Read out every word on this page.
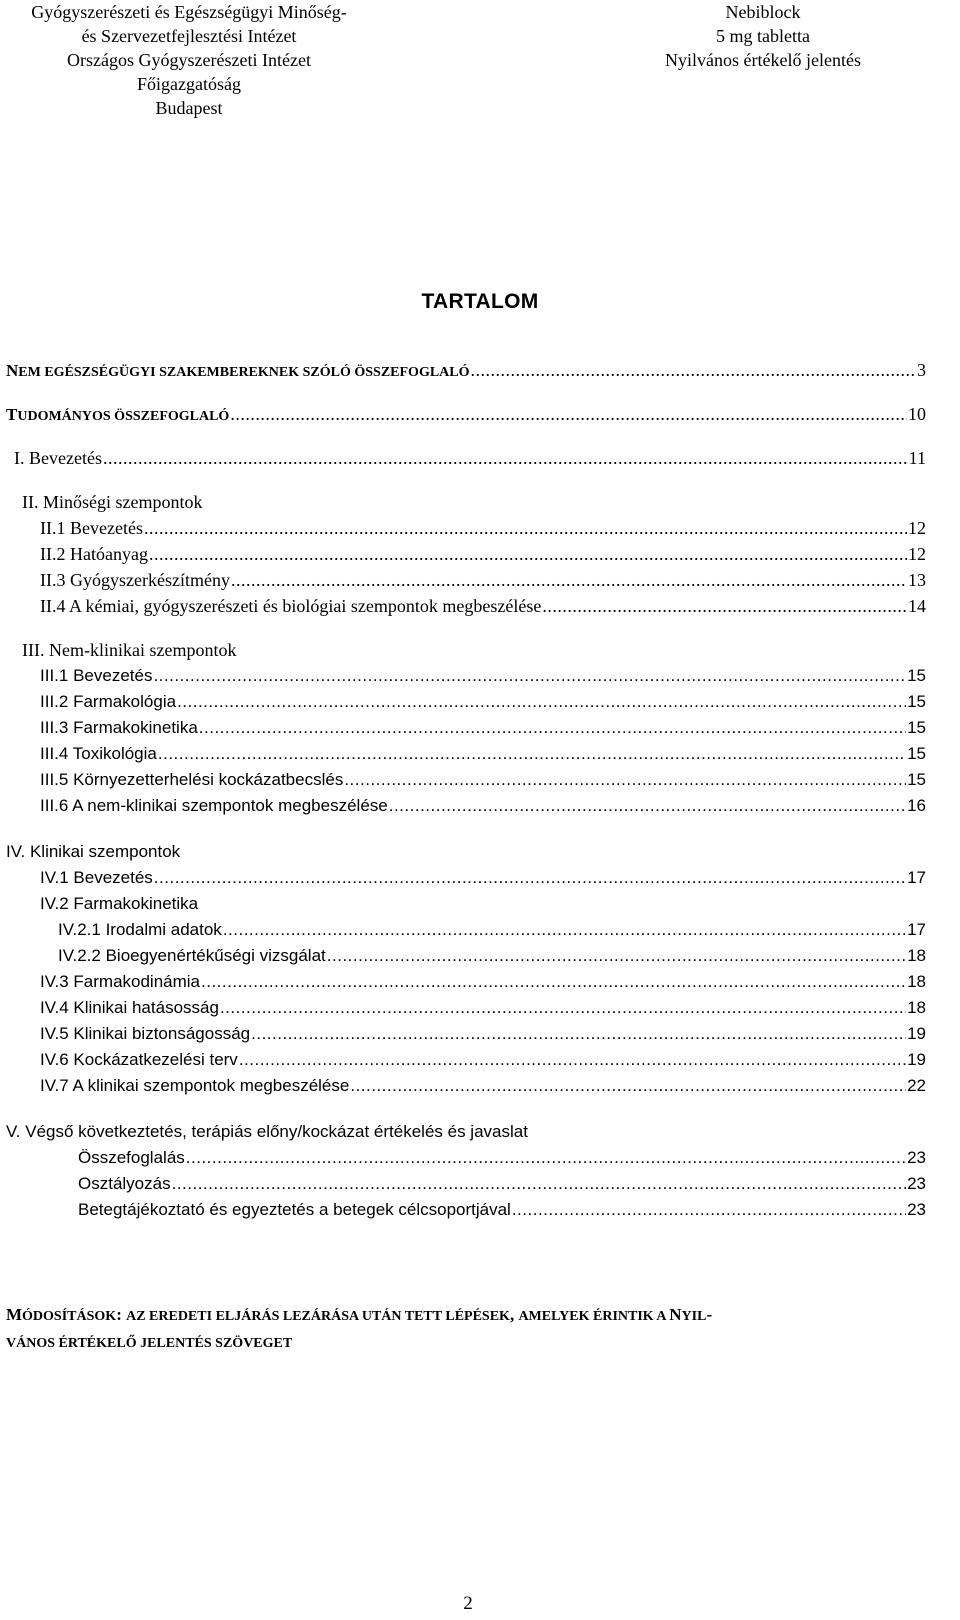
Gyógyszerészeti és Egészségügyi Minőség-
és Szervezetfejlesztési Intézet
Országos Gyógyszerészeti Intézet
Főigazgatóság
Budapest
Nebiblock
5 mg tabletta
Nyilvános értékelő jelentés
TARTALOM
NEM EGÉSZSÉGÜGYI SZAKEMBEREKNEK SZÓLÓ ÖSSZEFOGLALÓ .....	3
TUDOMÁNYOS ÖSSZEFOGLALÓ .....	10
I. Bevezetés .....	11
II. Minőségi szempontok
II.1 Bevezetés .....	12
II.2 Hatóanyag .....	12
II.3 Gyógyszerkészítmény .....	13
II.4 A kémiai, gyógyszerészeti és biológiai szempontok megbeszélése .....	14
III. Nem-klinikai szempontok
III.1 Bevezetés .....	15
III.2 Farmakológia .....	15
III.3 Farmakokinetika .....	15
III.4 Toxikológia .....	15
III.5 Környezetterhelési kockázatbecslés .....	15
III.6 A nem-klinikai szempontok megbeszélése .....	16
IV. Klinikai szempontok
IV.1 Bevezetés .....	17
IV.2 Farmakokinetika
IV.2.1 Irodalmi adatok .....	17
IV.2.2 Bioegyenértékűségi vizsgálat .....	18
IV.3 Farmakodinámia .....	18
IV.4 Klinikai hatásosság .....	18
IV.5 Klinikai biztonságosság .....	19
IV.6 Kockázatkezelési terv .....	19
IV.7 A klinikai szempontok megbeszélése .....	22
V. Végső következtetés, terápiás előny/kockázat értékelés és javaslat
Összefoglalás .....	23
Osztályozás .....	23
Betegtájékoztató és egyeztetés a betegek célcsoportjával .....	23
MÓDOSÍTÁSOK: AZ EREDETI ELJÁRÁS LEZÁRÁSA UTÁN TETT LÉPÉSEK, AMELYEK ÉRINTIK A NYIL-
VÁNOS ÉRTÉKELŐ JELENTÉS SZÖVEGET
2
